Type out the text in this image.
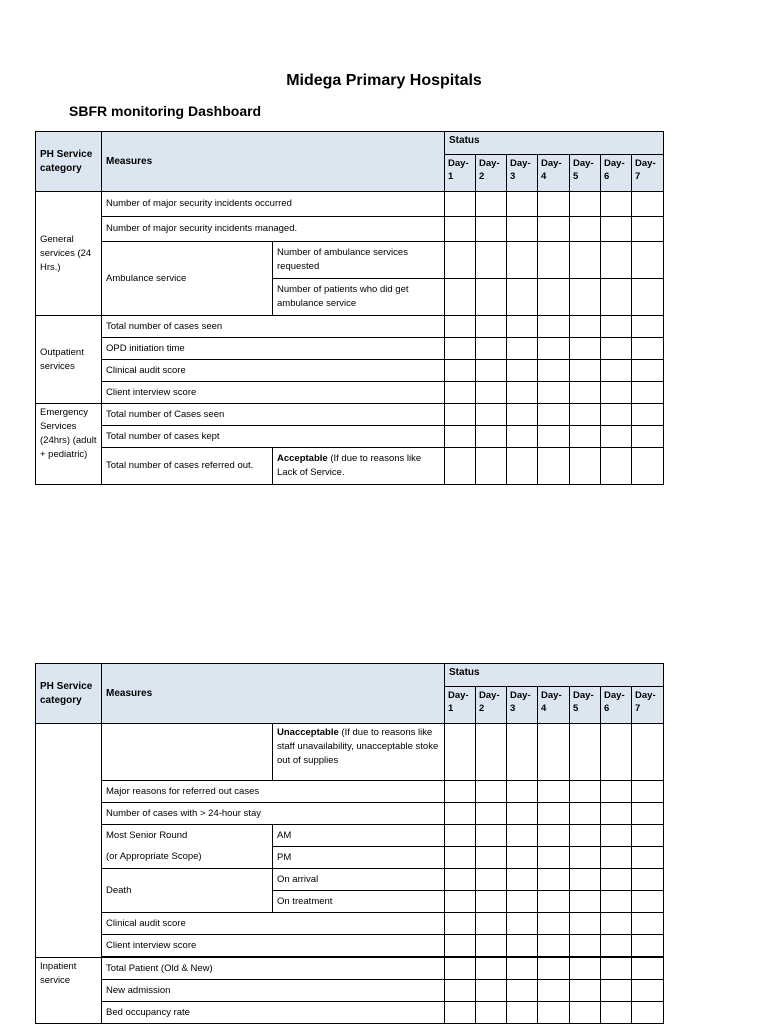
Midega Primary Hospitals
SBFR monitoring Dashboard
PH Service category	Measures		Status						
			Day-1	Day-2	Day-3	Day-4	Day-5	Day-6	Day-7
General services (24 Hrs.)	Number of major security incidents occurred								
	Number of major security incidents managed.								
	Ambulance service	Number of ambulance services requested							
		Number of patients who did get ambulance service							
Outpatient services	Total number of cases seen								
	OPD initiation time								
	Clinical audit score								
	Client interview score								
Emergency Services (24hrs) (adult + pediatric)	Total number of Cases seen								
	Total number of cases kept								
	Total number of cases referred out.	Acceptable (If due to reasons like Lack of Service.							
PH Service category	Measures		Status						
			Day-1	Day-2	Day-3	Day-4	Day-5	Day-6	Day-7
		Unacceptable (If due to reasons like staff unavailability, unacceptable stoke out of supplies							
	Major reasons for referred out cases								
	Number of cases with > 24-hour stay								
	Most Senior Round	AM							
	(or Appropriate Scope)	PM							
	Death	On arrival							
		On treatment							
	Clinical audit score								
	Client interview score								

Inpatient service	Total Patient (Old & New)								
	New admission								
	Bed occupancy rate								
